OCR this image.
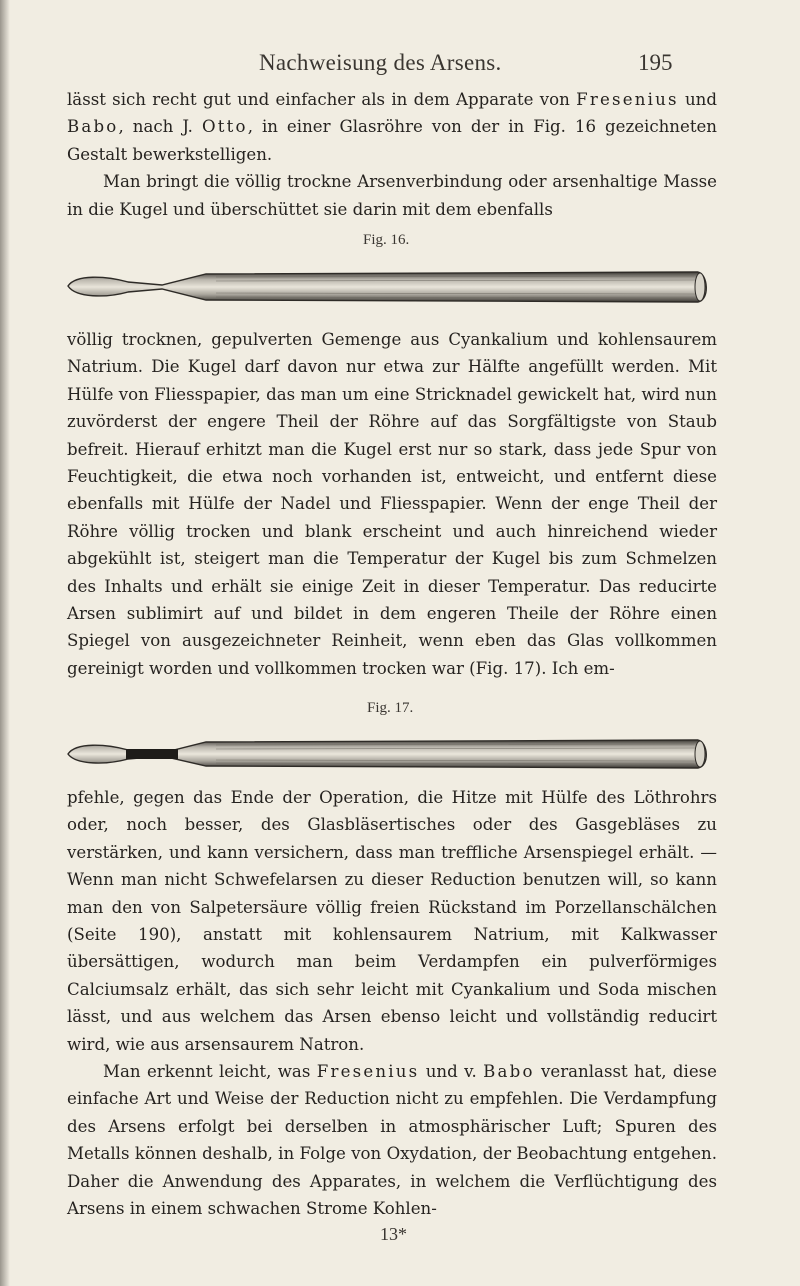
Nachweisung des Arsens.	195

lässt sich recht gut und einfacher als in dem Apparate von Fresenius und Babo, nach J. Otto, in einer Glasröhre von der in Fig. 16 gezeichneten Gestalt bewerkstelligen.

Man bringt die völlig trockne Arsenverbindung oder arsenhaltige Masse in die Kugel und überschüttet sie darin mit dem ebenfalls

Fig. 16.

völlig trocknen, gepulverten Gemenge aus Cyankalium und kohlensaurem Natrium. Die Kugel darf davon nur etwa zur Hälfte angefüllt werden. Mit Hülfe von Fliesspapier, das man um eine Stricknadel gewickelt hat, wird nun zuvörderst der engere Theil der Röhre auf das Sorgfältigste von Staub befreit. Hierauf erhitzt man die Kugel erst nur so stark, dass jede Spur von Feuchtigkeit, die etwa noch vorhanden ist, entweicht, und entfernt diese ebenfalls mit Hülfe der Nadel und Fliesspapier. Wenn der enge Theil der Röhre völlig trocken und blank erscheint und auch hinreichend wieder abgekühlt ist, steigert man die Temperatur der Kugel bis zum Schmelzen des Inhalts und erhält sie einige Zeit in dieser Temperatur. Das reducirte Arsen sublimirt auf und bildet in dem engeren Theile der Röhre einen Spiegel von ausgezeichneter Reinheit, wenn eben das Glas vollkommen gereinigt worden und vollkommen trocken war (Fig. 17). Ich em-

Fig. 17.

pfehle, gegen das Ende der Operation, die Hitze mit Hülfe des Löthrohrs oder, noch besser, des Glasbläsertisches oder des Gasgebläses zu verstärken, und kann versichern, dass man treffliche Arsenspiegel erhält. — Wenn man nicht Schwefelarsen zu dieser Reduction benutzen will, so kann man den von Salpetersäure völlig freien Rückstand im Porzellanschälchen (Seite 190), anstatt mit kohlensaurem Natrium, mit Kalkwasser übersättigen, wodurch man beim Verdampfen ein pulverförmiges Calciumsalz erhält, das sich sehr leicht mit Cyankalium und Soda mischen lässt, und aus welchem das Arsen ebenso leicht und vollständig reducirt wird, wie aus arsensaurem Natron.

Man erkennt leicht, was Fresenius und v. Babo veranlasst hat, diese einfache Art und Weise der Reduction nicht zu empfehlen. Die Verdampfung des Arsens erfolgt bei derselben in atmosphärischer Luft; Spuren des Metalls können deshalb, in Folge von Oxydation, der Beobachtung entgehen. Daher die Anwendung des Apparates, in welchem die Verflüchtigung des Arsens in einem schwachen Strome Kohlen-

13*
